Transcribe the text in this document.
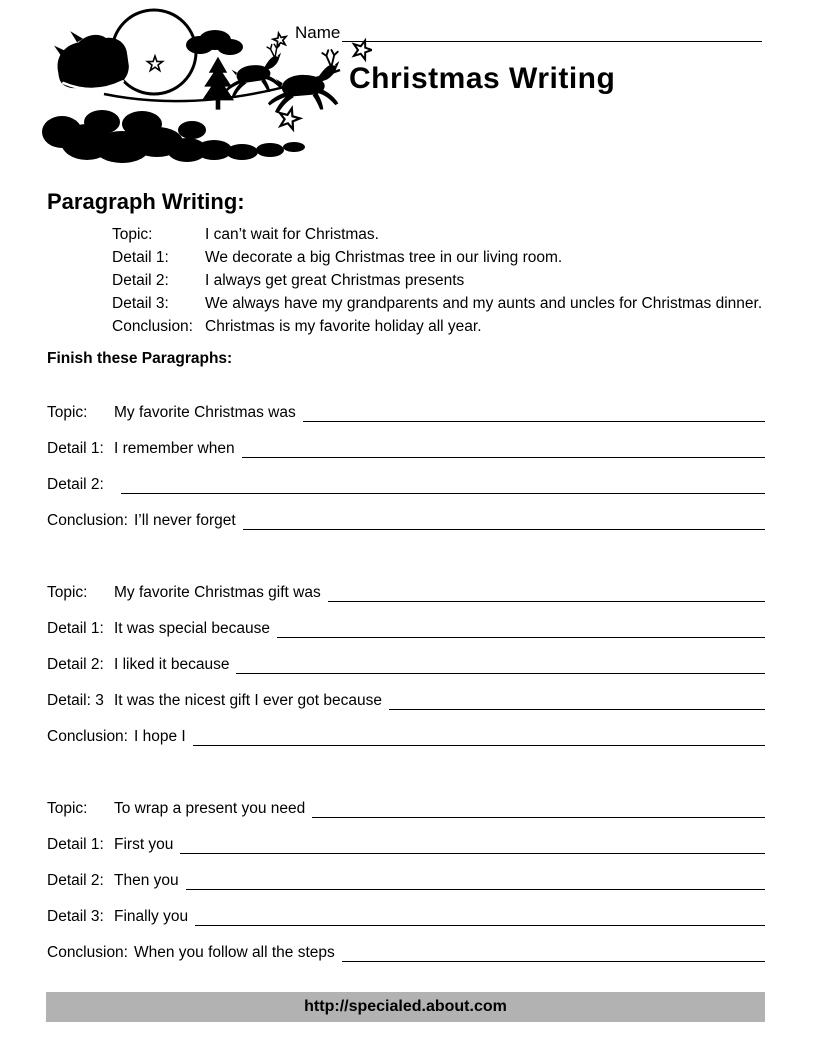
Name
Christmas Writing
Paragraph Writing:
Topic:	I can’t wait for Christmas.
Detail 1:	We decorate a big Christmas tree in our living room.
Detail 2:	I always get great Christmas presents
Detail 3:	We always have my grandparents and my aunts and uncles for Christmas dinner.
Conclusion: Christmas is my favorite holiday all year.
Finish these Paragraphs:
Topic:	My favorite Christmas was
Detail 1: I remember when
Detail 2:
Conclusion: I’ll never forget
Topic:	My favorite Christmas gift was
Detail 1: It was special because
Detail 2: I liked it because
Detail: 3 It was the nicest gift I ever got because
Conclusion: I hope I
Topic:	To wrap a present you need
Detail 1: First you
Detail 2: Then you
Detail 3: Finally you
Conclusion: When you follow all the steps
http://specialed.about.com
